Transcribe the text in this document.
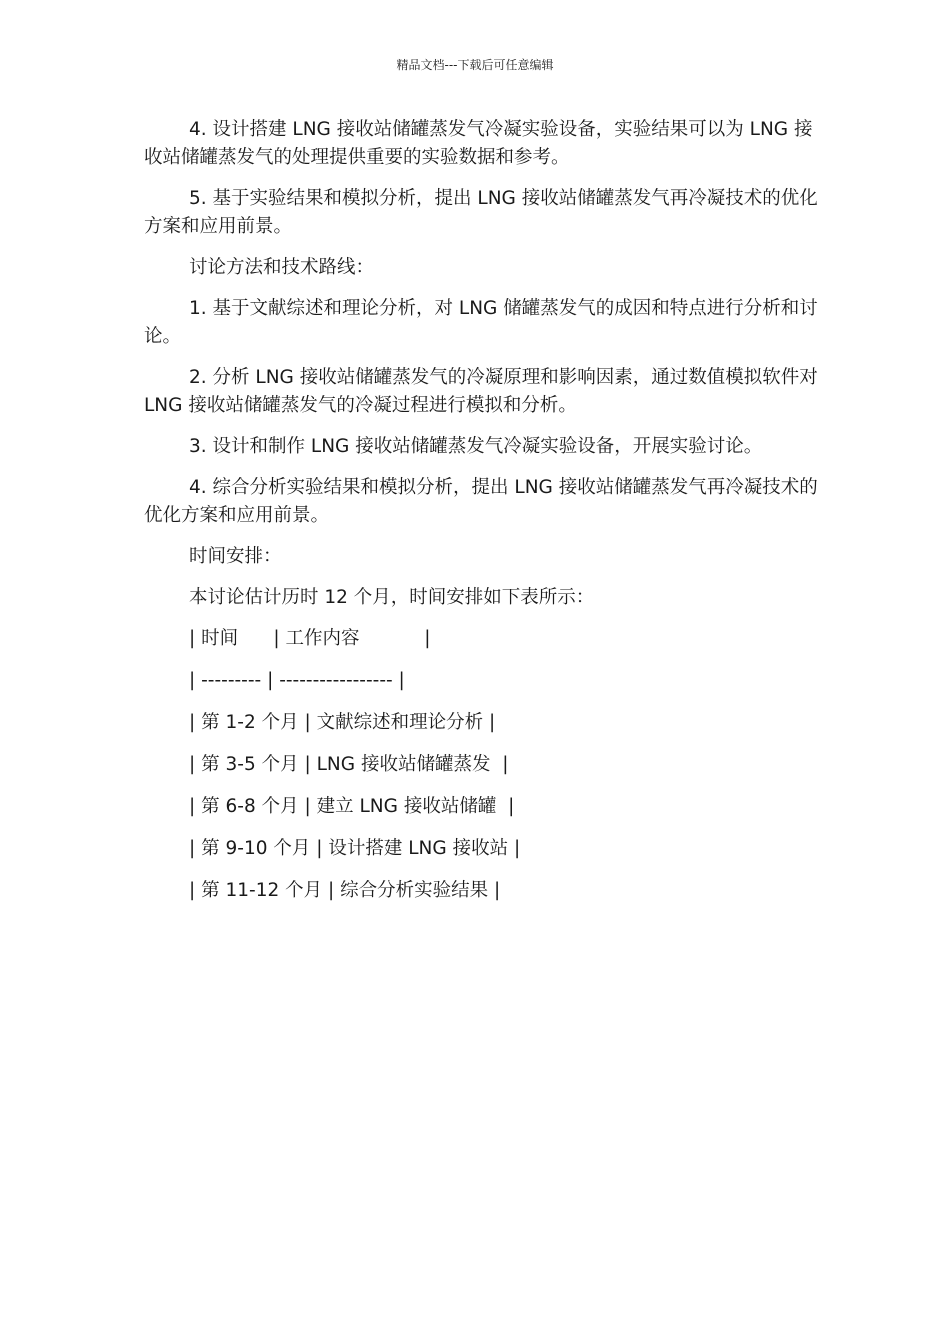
精品文档---下载后可任意编辑

4. 设计搭建 LNG 接收站储罐蒸发气冷凝实验设备，实验结果可以为 LNG 接收站储罐蒸发气的处理提供重要的实验数据和参考。

5. 基于实验结果和模拟分析，提出 LNG 接收站储罐蒸发气再冷凝技术的优化方案和应用前景。

讨论方法和技术路线：

1. 基于文献综述和理论分析，对 LNG 储罐蒸发气的成因和特点进行分析和讨论。

2. 分析 LNG 接收站储罐蒸发气的冷凝原理和影响因素，通过数值模拟软件对 LNG 接收站储罐蒸发气的冷凝过程进行模拟和分析。

3. 设计和制作 LNG 接收站储罐蒸发气冷凝实验设备，开展实验讨论。

4. 综合分析实验结果和模拟分析，提出 LNG 接收站储罐蒸发气再冷凝技术的优化方案和应用前景。

时间安排：

本讨论估计历时 12 个月，时间安排如下表所示：

| 时间      | 工作内容           |
| --------- | ----------------- |
| 第 1-2 个月 | 文献综述和理论分析 |
| 第 3-5 个月 | LNG 接收站储罐蒸发  |
| 第 6-8 个月 | 建立 LNG 接收站储罐  |
| 第 9-10 个月 | 设计搭建 LNG 接收站 |
| 第 11-12 个月 | 综合分析实验结果 |
